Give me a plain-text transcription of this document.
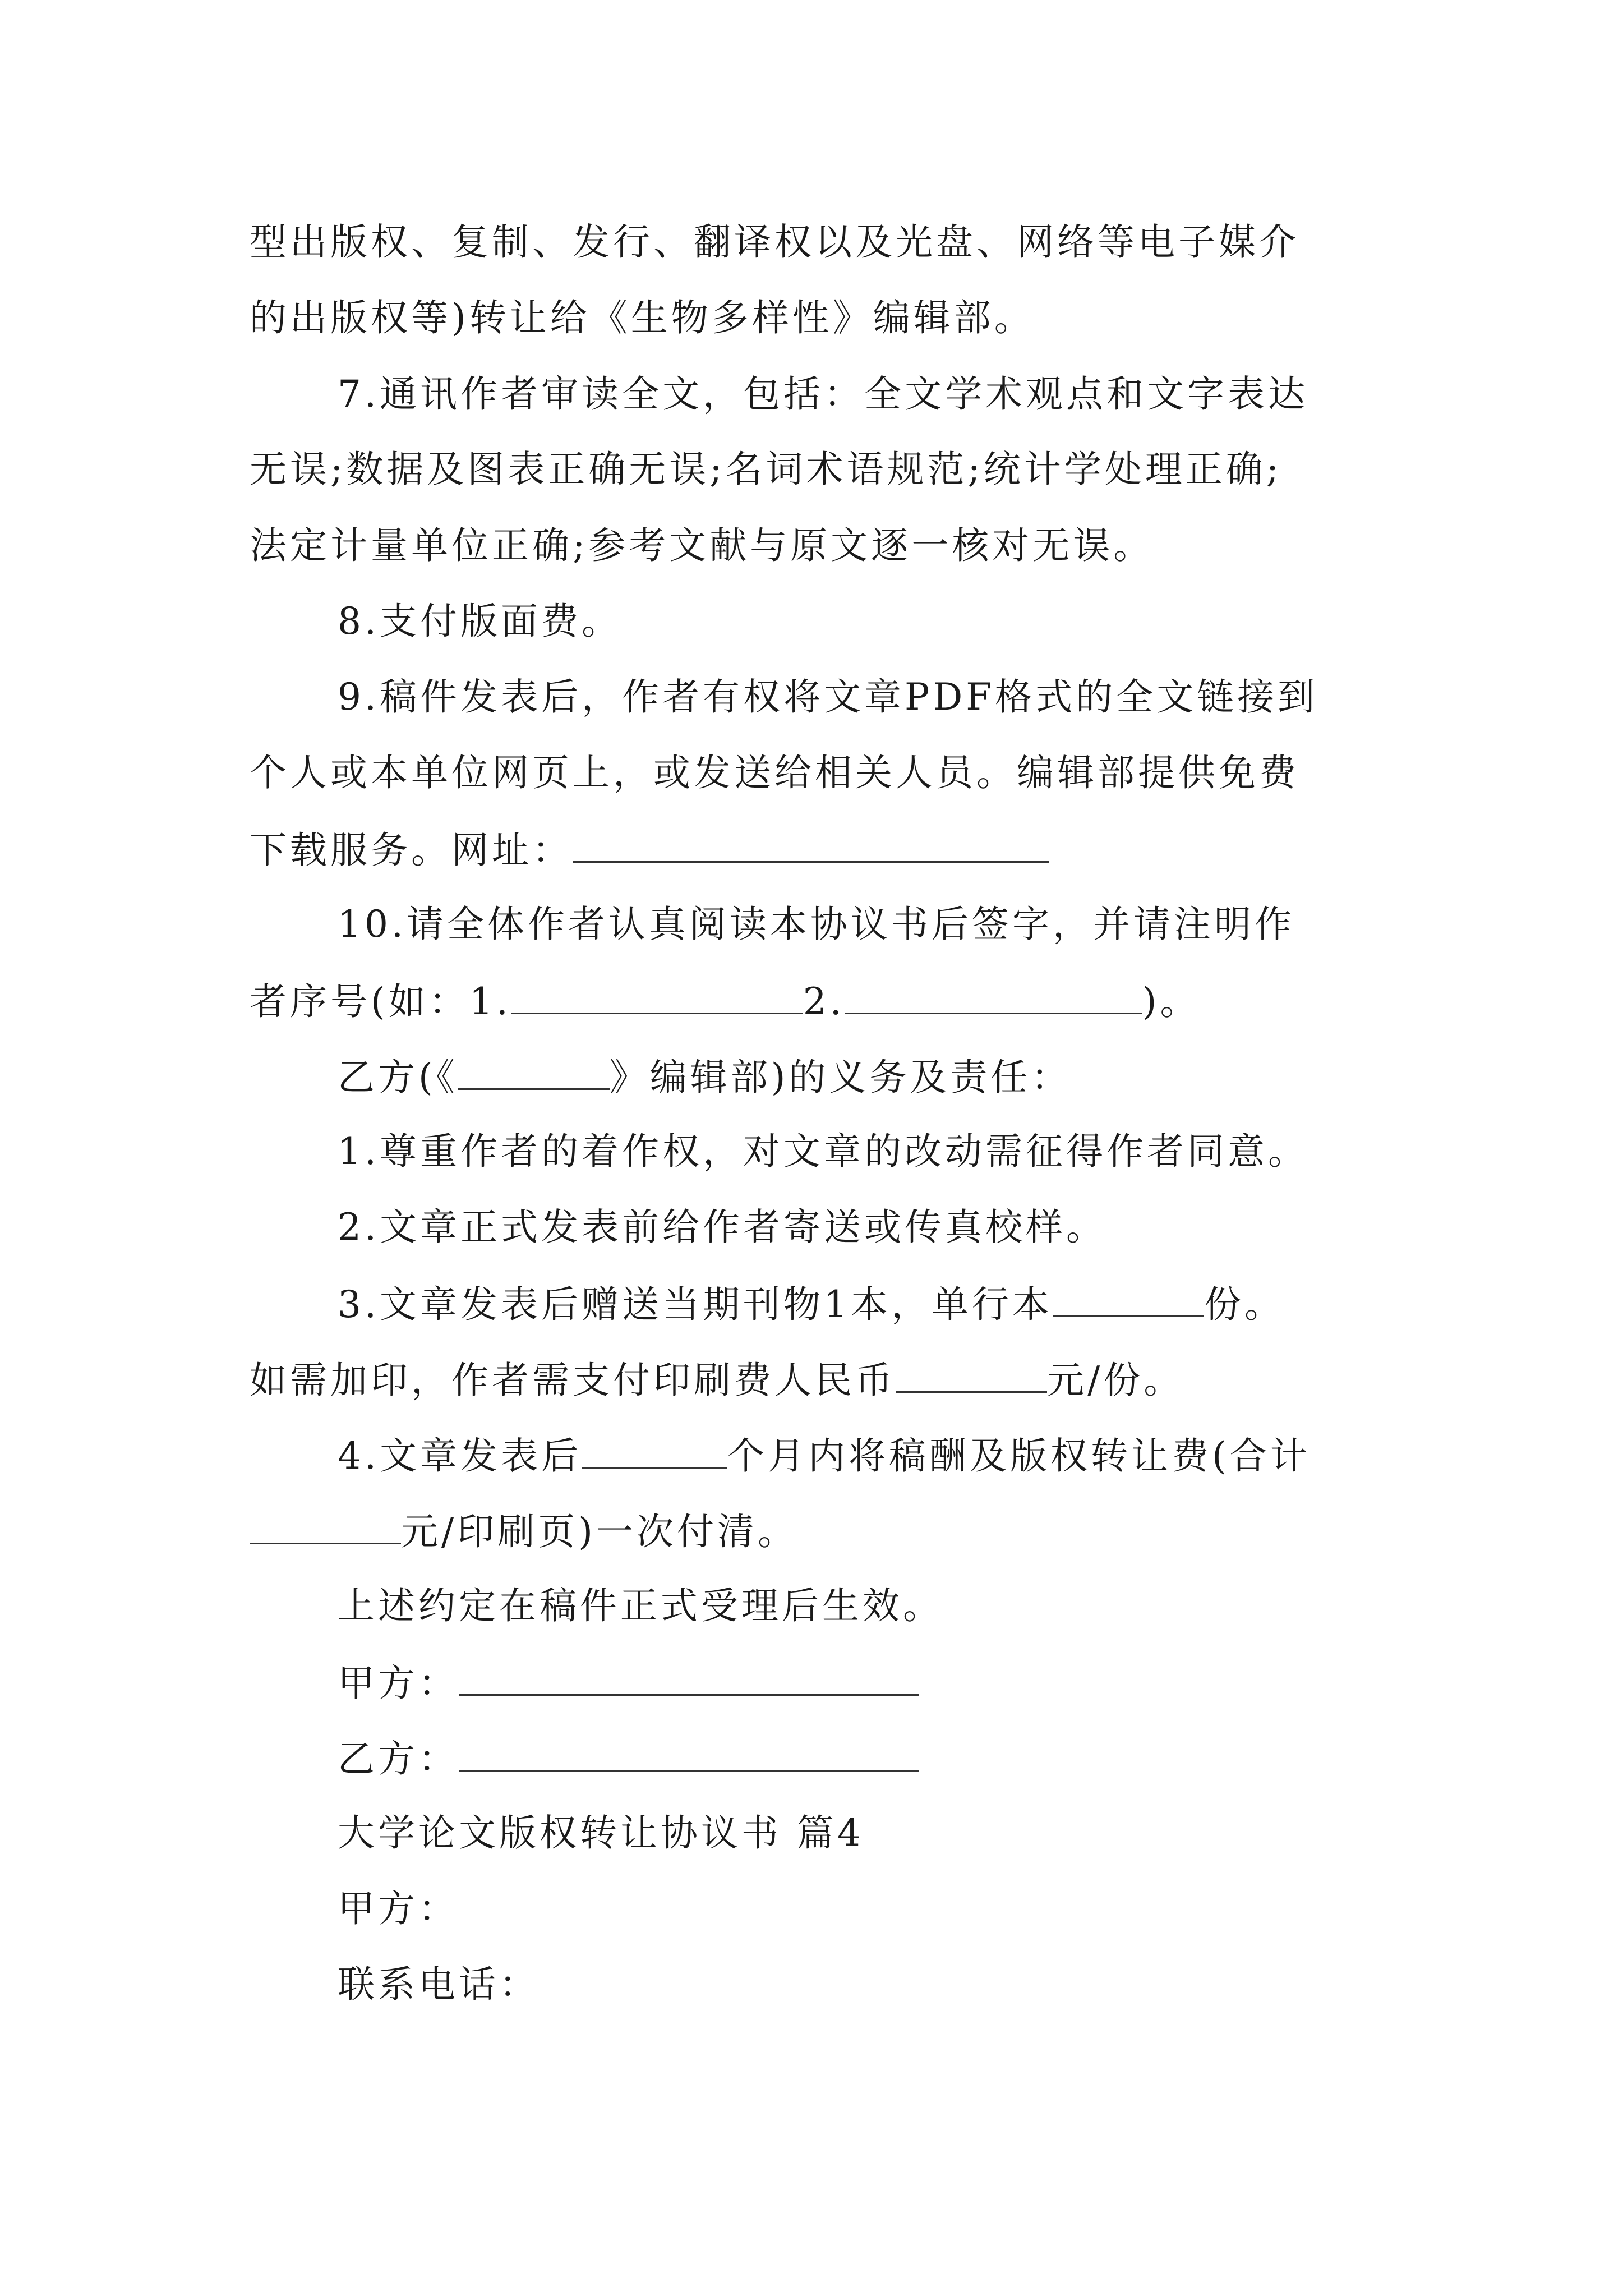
型出版权、复制、发行、翻译权以及光盘、网络等电子媒介
的出版权等)转让给《生物多样性》编辑部。
7.通讯作者审读全文，包括：全文学术观点和文字表达
无误;数据及图表正确无误;名词术语规范;统计学处理正确;
法定计量单位正确;参考文献与原文逐一核对无误。
8.支付版面费。
9.稿件发表后，作者有权将文章PDF格式的全文链接到
个人或本单位网页上，或发送给相关人员。编辑部提供免费
下载服务。网址：
10.请全体作者认真阅读本协议书后签字，并请注明作
者序号(如：1.	2.	)。
乙方(《	》编辑部)的义务及责任：
1.尊重作者的着作权，对文章的改动需征得作者同意。
2.文章正式发表前给作者寄送或传真校样。
3.文章发表后赠送当期刊物1本，单行本	份。
如需加印，作者需支付印刷费人民币	元/份。
4.文章发表后	个月内将稿酬及版权转让费(合计
元/印刷页)一次付清。
上述约定在稿件正式受理后生效。
甲方：
乙方：
大学论文版权转让协议书 篇4
甲方：
联系电话：
